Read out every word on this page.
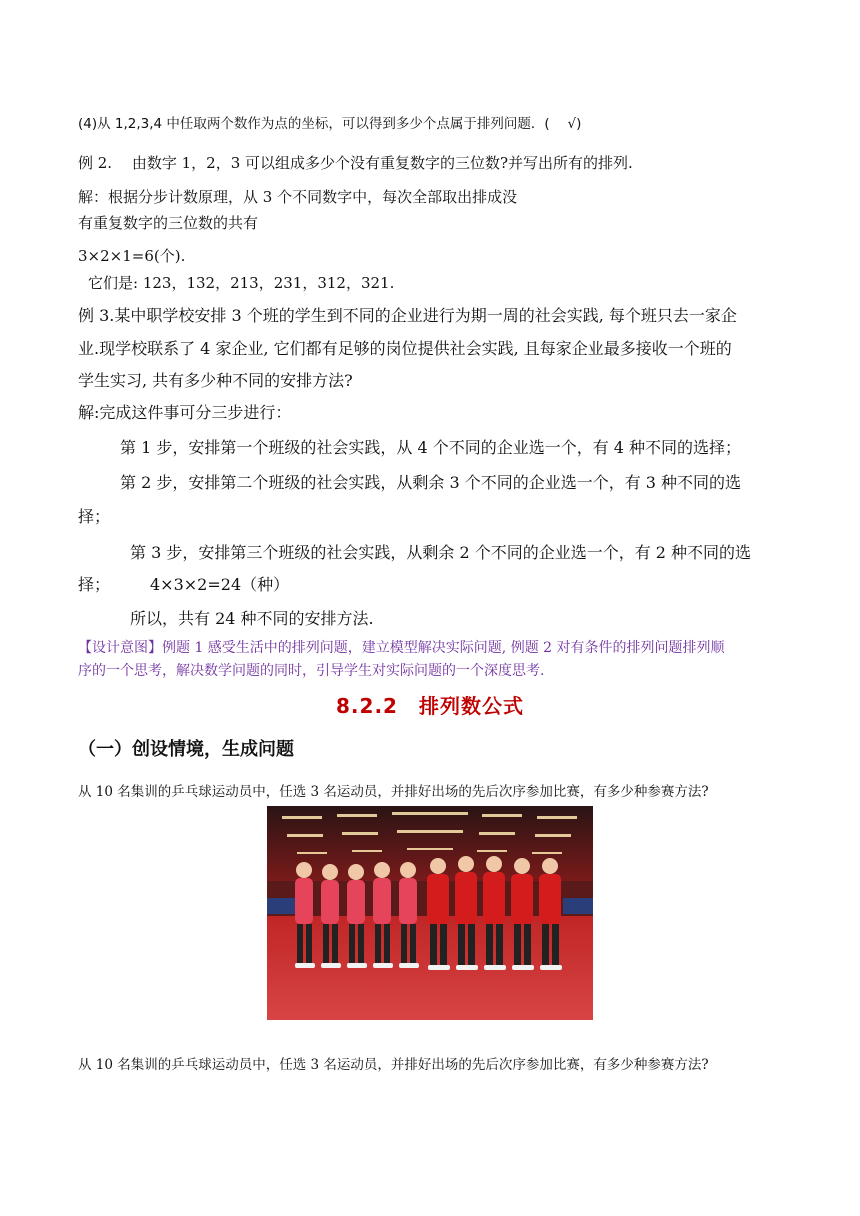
(4)从 1,2,3,4 中任取两个数作为点的坐标，可以得到多少个点属于排列问题．(　 √)
例 2.　 由数字 1，2，3 可以组成多少个没有重复数字的三位数?并写出所有的排列.
解：根据分步计数原理，从 3 个不同数字中，每次全部取出排成没
有重复数字的三位数的共有
3×2×1=6(个).
它们是: 123，132，213，231，312，321.
例 3.某中职学校安排 3 个班的学生到不同的企业进行为期一周的社会实践, 每个班只去一家企
业.现学校联系了 4 家企业, 它们都有足够的岗位提供社会实践, 且每家企业最多接收一个班的
学生实习, 共有多少种不同的安排方法?
解:完成这件事可分三步进行：
第 1 步，安排第一个班级的社会实践，从 4 个不同的企业选一个，有 4 种不同的选择；
第 2 步，安排第二个班级的社会实践，从剩余 3 个不同的企业选一个，有 3 种不同的选
择；
第 3 步，安排第三个班级的社会实践，从剩余 2 个不同的企业选一个，有 2 种不同的选
择；　　　4×3×2=24（种）
所以，共有 24 种不同的安排方法.
【设计意图】例题 1 感受生活中的排列问题，建立模型解决实际问题, 例题 2 对有条件的排列问题排列顺
序的一个思考，解决数学问题的同时，引导学生对实际问题的一个深度思考.
8.2.2　排列数公式
（一）创设情境，生成问题
从 10 名集训的乒乓球运动员中，任选 3 名运动员，并排好出场的先后次序参加比赛，有多少种参赛方法?
从 10 名集训的乒乓球运动员中，任选 3 名运动员，并排好出场的先后次序参加比赛，有多少种参赛方法?
